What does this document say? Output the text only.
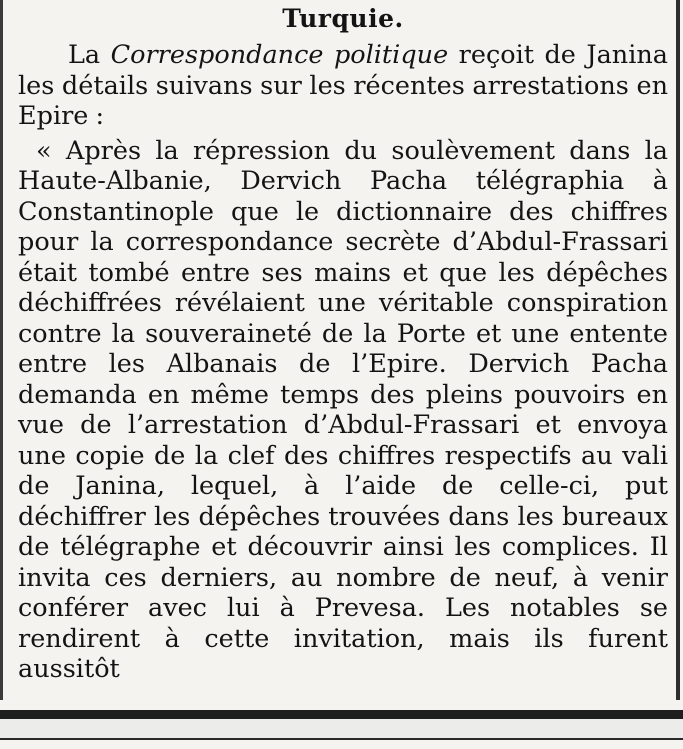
Turquie.

La Correspondance politique reçoit de Janina les détails suivans sur les récentes arrestations en Epire :

« Après la répression du soulèvement dans la Haute-Albanie, Dervich Pacha télégraphia à Constantinople que le dictionnaire des chiffres pour la correspondance secrète d’Abdul-Frassari était tombé entre ses mains et que les dépêches déchiffrées révélaient une véritable conspiration contre la souveraineté de la Porte et une entente entre les Albanais de l’Epire. Dervich Pacha demanda en même temps des pleins pouvoirs en vue de l’arrestation d’Abdul-Frassari et envoya une copie de la clef des chiffres respectifs au vali de Janina, lequel, à l’aide de celle-ci, put déchiffrer les dépêches trouvées dans les bureaux de télégraphe et découvrir ainsi les complices. Il invita ces derniers, au nombre de neuf, à venir conférer avec lui à Prevesa. Les notables se rendirent à cette invitation, mais ils furent aussitôt
